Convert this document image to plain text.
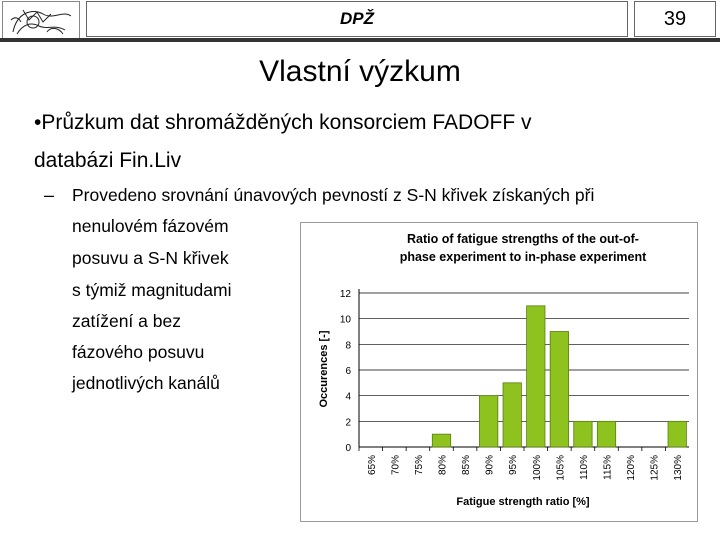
DPŽ	39
Vlastní výzkum
•Průzkum dat shromážděných konsorciem FADOFF v
databázi Fin.Liv
– Provedeno srovnání únavových pevností z S-N křivek získaných při
nenulovém fázovém
posuvu a S-N křivek
s týmiž magnitudami
zatížení a bez
fázového posuvu
jednotlivých kanálů
Ratio of fatigue strengths of the out-of-
phase experiment to in-phase experiment
0
2
4
6
8
10
12
65% 70% 75% 80% 85% 90% 95% 100% 105% 110% 115% 120% 125% 130%
Occurences [-]
Fatigue strength ratio [%]
